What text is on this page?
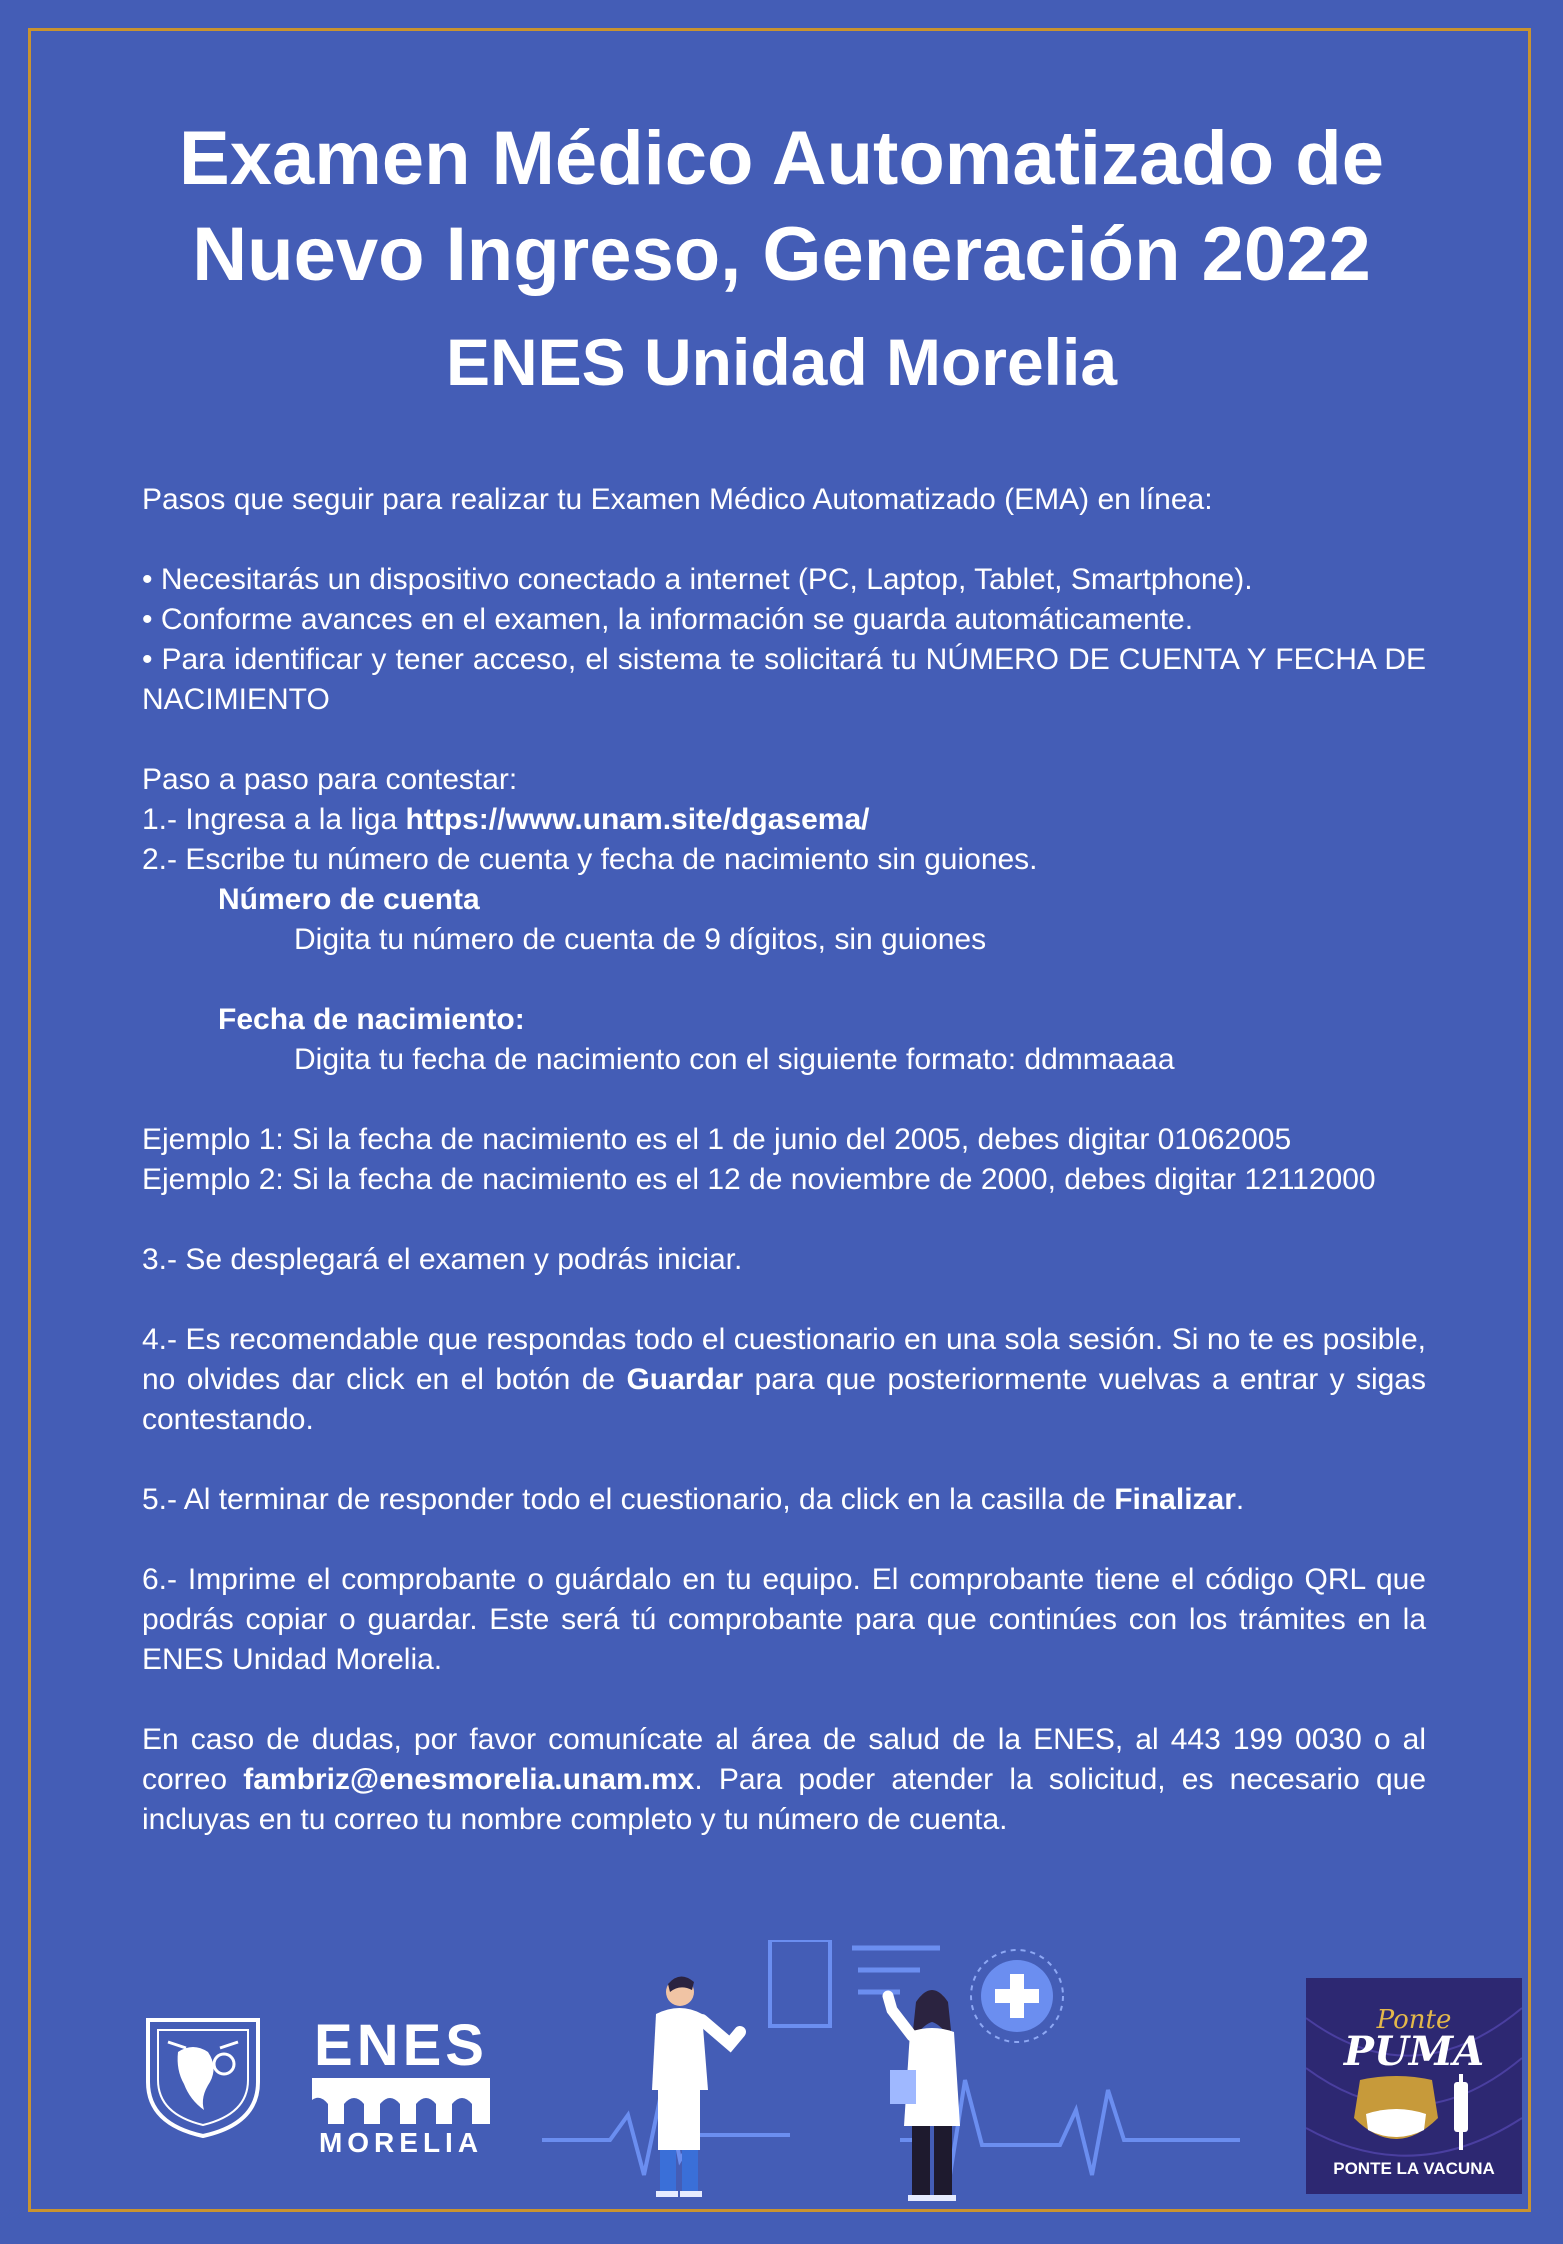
Examen Médico Automatizado de
Nuevo Ingreso, Generación 2022
ENES Unidad Morelia

Pasos que seguir para realizar tu Examen Médico Automatizado (EMA) en línea:

• Necesitarás un dispositivo conectado a internet (PC, Laptop, Tablet, Smartphone).

• Conforme avances en el examen, la información se guarda automáticamente.

• Para identificar y tener acceso, el sistema te solicitará tu NÚMERO DE CUENTA Y FECHA DE NACIMIENTO

Paso a paso para contestar:

1.- Ingresa a la liga https://www.unam.site/dgasema/

2.- Escribe tu número de cuenta y fecha de nacimiento sin guiones.

Número de cuenta

Digita tu número de cuenta de 9 dígitos, sin guiones

Fecha de nacimiento:

Digita tu fecha de nacimiento con el siguiente formato: ddmmaaaa

Ejemplo 1: Si la fecha de nacimiento es el 1 de junio del 2005, debes digitar 01062005

Ejemplo 2: Si la fecha de nacimiento es el 12 de noviembre de 2000, debes digitar 12112000

3.- Se desplegará el examen y podrás iniciar.

4.- Es recomendable que respondas todo el cuestionario en una sola sesión. Si no te es posible, no olvides dar click en el botón de Guardar para que posteriormente vuelvas a entrar y sigas contestando.

5.- Al terminar de responder todo el cuestionario, da click en la casilla de Finalizar.

6.- Imprime el comprobante o guárdalo en tu equipo. El comprobante tiene el código QRL que podrás copiar o guardar. Este será tú comprobante para que continúes con los trámites en la ENES Unidad Morelia.

En caso de dudas, por favor comunícate al área de salud de la ENES, al 443 199 0030 o al correo fambriz@enesmorelia.unam.mx. Para poder atender la solicitud, es necesario que incluyas en tu correo tu nombre completo y tu número de cuenta.

ENES
MORELIA
Ponte
PUMA
PONTE LA VACUNA
